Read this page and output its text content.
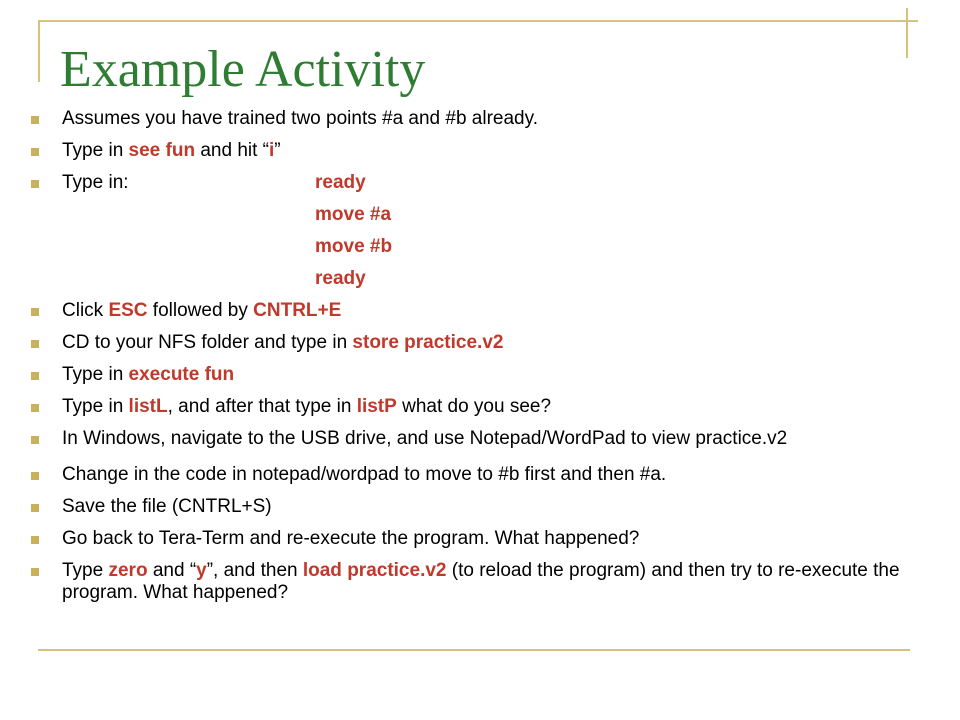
Example Activity
Assumes you have trained two points #a and #b already.
Type in see fun and hit “i”
Type in:	ready
move #a
move #b
ready
Click ESC followed by CNTRL+E
CD to your NFS folder and type in store practice.v2
Type in execute fun
Type in listL, and after that type in listP what do you see?
In Windows, navigate to the USB drive, and use Notepad/WordPad to view practice.v2
Change in the code in notepad/wordpad to move to #b first and then #a.
Save the file (CNTRL+S)
Go back to Tera-Term and re-execute the program. What happened?
Type zero and “y”, and then load practice.v2 (to reload the program) and then try to re-execute the program. What happened?
